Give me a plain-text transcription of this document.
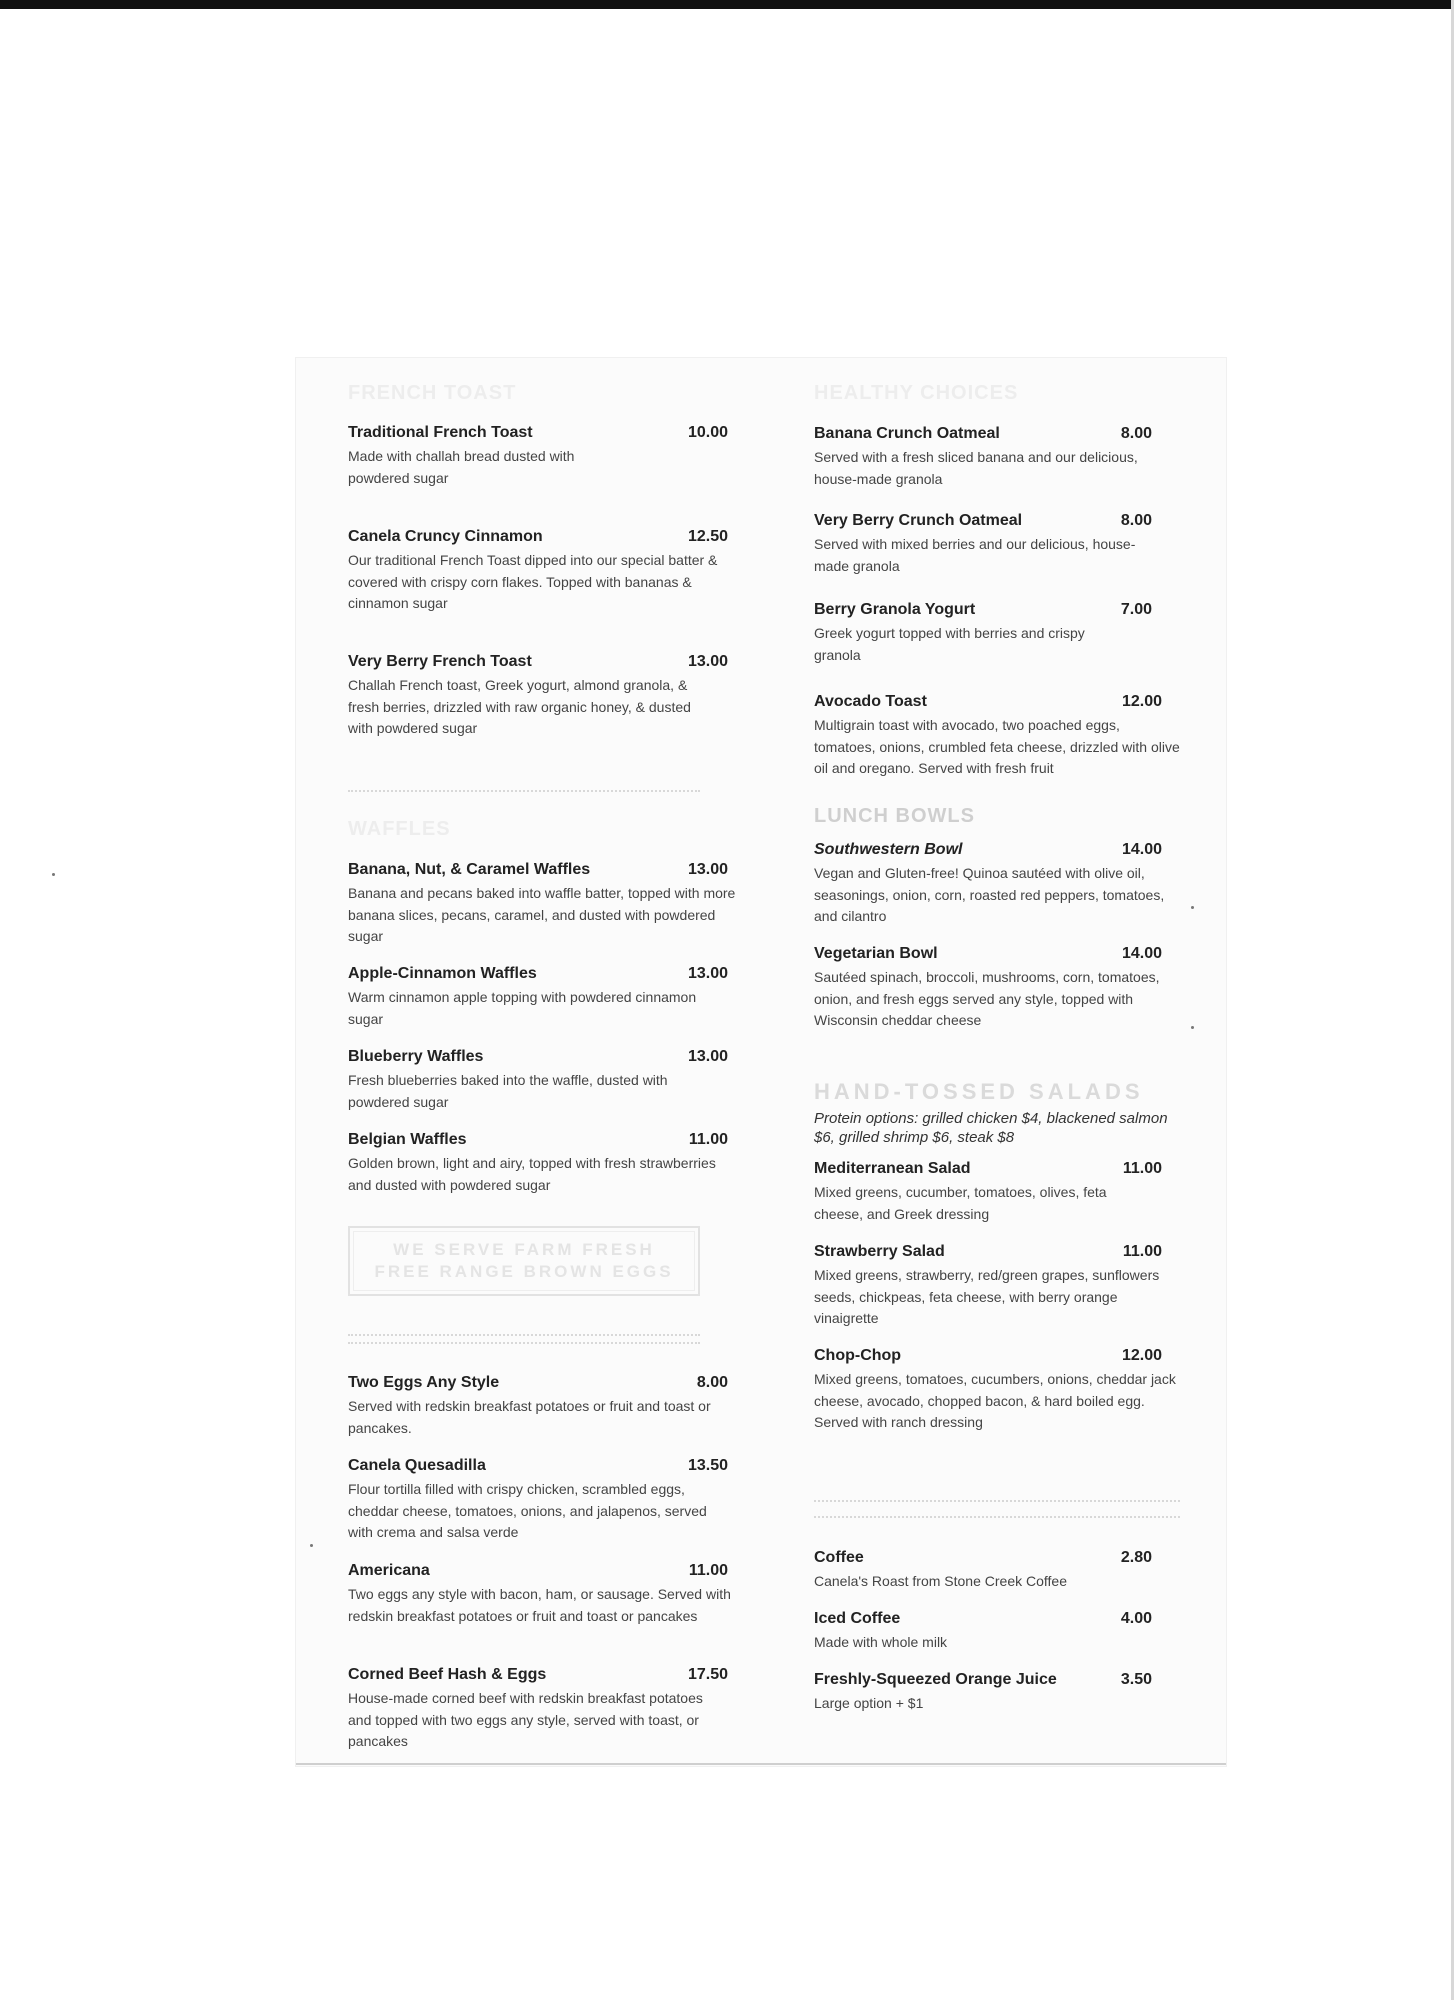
FRENCH TOAST
Traditional French Toast	10.00
Made with challah bread dusted with powdered sugar
Canela Cruncy Cinnamon	12.50
Our traditional French Toast dipped into our special batter & covered with crispy corn flakes. Topped with bananas & cinnamon sugar
Very Berry French Toast	13.00
Challah French toast, Greek yogurt, almond granola, & fresh berries, drizzled with raw organic honey, & dusted with powdered sugar
WAFFLES
Banana, Nut, & Caramel Waffles	13.00
Banana and pecans baked into waffle batter, topped with more banana slices, pecans, caramel, and dusted with powdered sugar
Apple-Cinnamon Waffles	13.00
Warm cinnamon apple topping with powdered cinnamon sugar
Blueberry Waffles	13.00
Fresh blueberries baked into the waffle, dusted with powdered sugar
Belgian Waffles	11.00
Golden brown, light and airy, topped with fresh strawberries and dusted with powdered sugar
WE SERVE FARM FRESH
FREE RANGE BROWN EGGS
Two Eggs Any Style	8.00
Served with redskin breakfast potatoes or fruit and toast or pancakes.
Canela Quesadilla	13.50
Flour tortilla filled with crispy chicken, scrambled eggs, cheddar cheese, tomatoes, onions, and jalapenos, served with crema and salsa verde
Americana	11.00
Two eggs any style with bacon, ham, or sausage. Served with redskin breakfast potatoes or fruit and toast or pancakes
Corned Beef Hash & Eggs	17.50
House-made corned beef with redskin breakfast potatoes and topped with two eggs any style, served with toast, or pancakes
HEALTHY CHOICES
Banana Crunch Oatmeal	8.00
Served with a fresh sliced banana and our delicious, house-made granola
Very Berry Crunch Oatmeal	8.00
Served with mixed berries and our delicious, house-made granola
Berry Granola Yogurt	7.00
Greek yogurt topped with berries and crispy granola
Avocado Toast	12.00
Multigrain toast with avocado, two poached eggs, tomatoes, onions, crumbled feta cheese, drizzled with olive oil and oregano. Served with fresh fruit
LUNCH BOWLS
Southwestern Bowl	14.00
Vegan and Gluten-free! Quinoa sautéed with olive oil, seasonings, onion, corn, roasted red peppers, tomatoes, and cilantro
Vegetarian Bowl	14.00
Sautéed spinach, broccoli, mushrooms, corn, tomatoes, onion, and fresh eggs served any style, topped with Wisconsin cheddar cheese
HAND-TOSSED SALADS
Protein options: grilled chicken $4, blackened salmon $6, grilled shrimp $6, steak $8
Mediterranean Salad	11.00
Mixed greens, cucumber, tomatoes, olives, feta cheese, and Greek dressing
Strawberry Salad	11.00
Mixed greens, strawberry, red/green grapes, sunflowers seeds, chickpeas, feta cheese, with berry orange vinaigrette
Chop-Chop	12.00
Mixed greens, tomatoes, cucumbers, onions, cheddar jack cheese, avocado, chopped bacon, & hard boiled egg. Served with ranch dressing
Coffee	2.80
Canela's Roast from Stone Creek Coffee
Iced Coffee	4.00
Made with whole milk
Freshly-Squeezed Orange Juice	3.50
Large option + $1
